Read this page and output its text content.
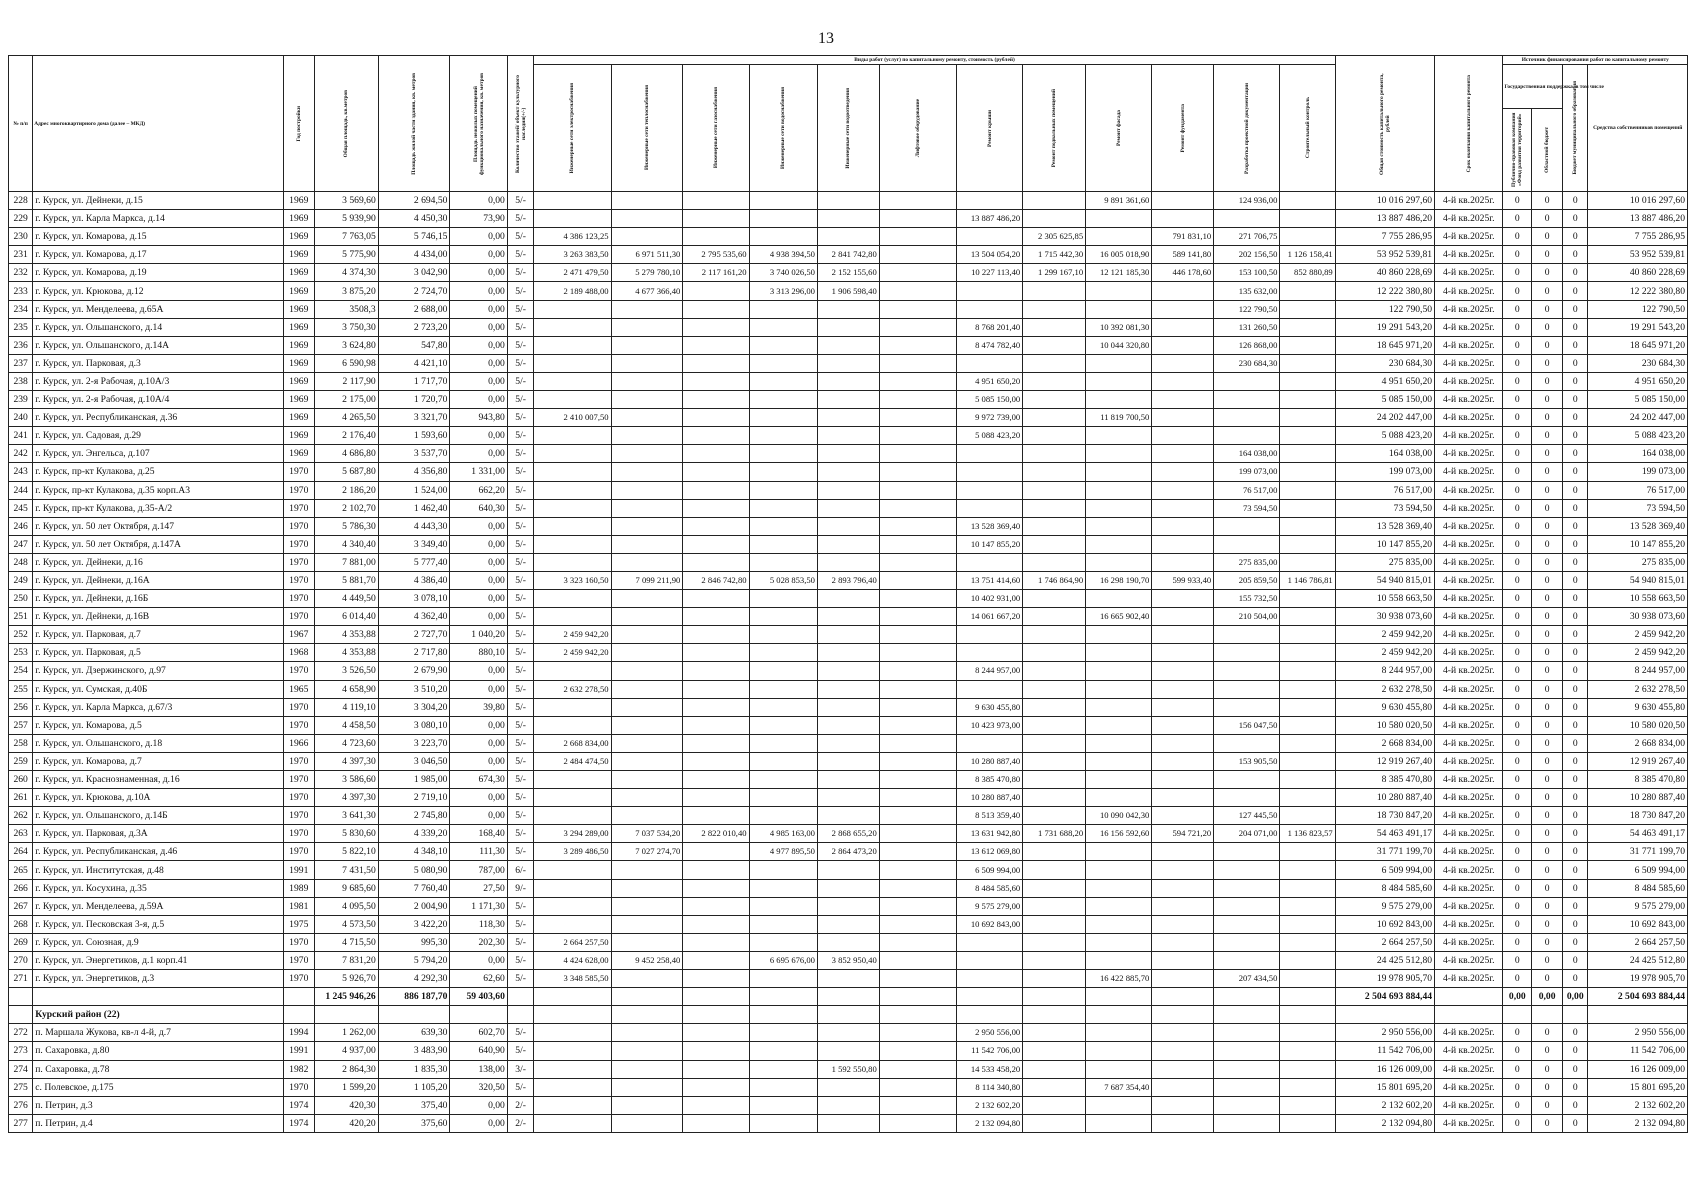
13
№ п/п	Адрес многоквартирного дома (далее – МКД)	Год постройки	Общая площадь, кв.метров	Площадь жилой части здания, кв. метров	Площадь нежилых помещений функционального назначения, кв. метров	Количество этажей/ объект культурного наследия(+/-)	Виды работ (услуг) по капитальному ремонту, стоимость (рублей)												Общая стоимость капитального ремонта, рублей	Срок окончания капитального ремонта	Источник финансирования работ по капитальному ремонту			

							Инженерные сети электроснабжения	Инженерные сети теплоснабжения	Инженерные сети газоснабжения	Инженерные сети водоснабжения	Инженерные сети водоотведения	Лифтовое оборудование	Ремонт крыши	Ремонт подвальных помещений	Ремонт фасада	Ремонт фундамента	Разработка проектной документации	Строительный контроль			Государственная поддержка, в том числе		Бюджет муниципального образования	Средства собственников помещений

																					Публично-правовая компания «Фонд развития территорий»	Областной бюджет		

228	г. Курск, ул. Дейнеки, д.15	1969	3 569,60	2 694,50	0,00	5/-									9 891 361,60		124 936,00		10 016 297,60	4-й кв.2025г.	0	0	0	10 016 297,60
229	г. Курск, ул. Карла Маркса, д.14	1969	5 939,90	4 450,30	73,90	5/-							13 887 486,20						13 887 486,20	4-й кв.2025г.	0	0	0	13 887 486,20
230	г. Курск, ул. Комарова, д.15	1969	7 763,05	5 746,15	0,00	5/-	4 386 123,25							2 305 625,85		791 831,10	271 706,75		7 755 286,95	4-й кв.2025г.	0	0	0	7 755 286,95
231	г. Курск, ул. Комарова, д.17	1969	5 775,90	4 434,00	0,00	5/-	3 263 383,50	6 971 511,30	2 795 535,60	4 938 394,50	2 841 742,80		13 504 054,20	1 715 442,30	16 005 018,90	589 141,80	202 156,50	1 126 158,41	53 952 539,81	4-й кв.2025г.	0	0	0	53 952 539,81
232	г. Курск, ул. Комарова, д.19	1969	4 374,30	3 042,90	0,00	5/-	2 471 479,50	5 279 780,10	2 117 161,20	3 740 026,50	2 152 155,60		10 227 113,40	1 299 167,10	12 121 185,30	446 178,60	153 100,50	852 880,89	40 860 228,69	4-й кв.2025г.	0	0	0	40 860 228,69
233	г. Курск, ул. Крюкова, д.12	1969	3 875,20	2 724,70	0,00	5/-	2 189 488,00	4 677 366,40		3 313 296,00	1 906 598,40						135 632,00		12 222 380,80	4-й кв.2025г.	0	0	0	12 222 380,80
234	г. Курск, ул. Менделеева, д.65А	1969	3508,3	2 688,00	0,00	5/-											122 790,50		122 790,50	4-й кв.2025г.	0	0	0	122 790,50
235	г. Курск, ул. Ольшанского, д.14	1969	3 750,30	2 723,20	0,00	5/-							8 768 201,40		10 392 081,30		131 260,50		19 291 543,20	4-й кв.2025г.	0	0	0	19 291 543,20
236	г. Курск, ул. Ольшанского, д.14А	1969	3 624,80	547,80	0,00	5/-							8 474 782,40		10 044 320,80		126 868,00		18 645 971,20	4-й кв.2025г.	0	0	0	18 645 971,20
237	г. Курск, ул. Парковая, д.3	1969	6 590,98	4 421,10	0,00	5/-											230 684,30		230 684,30	4-й кв.2025г.	0	0	0	230 684,30
238	г. Курск, ул. 2-я Рабочая, д.10А/3	1969	2 117,90	1 717,70	0,00	5/-							4 951 650,20						4 951 650,20	4-й кв.2025г.	0	0	0	4 951 650,20
239	г. Курск, ул. 2-я Рабочая, д.10А/4	1969	2 175,00	1 720,70	0,00	5/-							5 085 150,00						5 085 150,00	4-й кв.2025г.	0	0	0	5 085 150,00
240	г. Курск, ул. Республиканская, д.36	1969	4 265,50	3 321,70	943,80	5/-	2 410 007,50						9 972 739,00		11 819 700,50				24 202 447,00	4-й кв.2025г.	0	0	0	24 202 447,00
241	г. Курск, ул. Садовая, д.29	1969	2 176,40	1 593,60	0,00	5/-							5 088 423,20						5 088 423,20	4-й кв.2025г.	0	0	0	5 088 423,20
242	г. Курск, ул. Энгельса, д.107	1969	4 686,80	3 537,70	0,00	5/-											164 038,00		164 038,00	4-й кв.2025г.	0	0	0	164 038,00
243	г. Курск, пр-кт Кулакова, д.25	1970	5 687,80	4 356,80	1 331,00	5/-											199 073,00		199 073,00	4-й кв.2025г.	0	0	0	199 073,00
244	г. Курск, пр-кт Кулакова, д.35 корп.А3	1970	2 186,20	1 524,00	662,20	5/-											76 517,00		76 517,00	4-й кв.2025г.	0	0	0	76 517,00
245	г. Курск, пр-кт Кулакова, д.35-А/2	1970	2 102,70	1 462,40	640,30	5/-											73 594,50		73 594,50	4-й кв.2025г.	0	0	0	73 594,50
246	г. Курск, ул. 50 лет Октября, д.147	1970	5 786,30	4 443,30	0,00	5/-							13 528 369,40						13 528 369,40	4-й кв.2025г.	0	0	0	13 528 369,40
247	г. Курск, ул. 50 лет Октября, д.147А	1970	4 340,40	3 349,40	0,00	5/-							10 147 855,20						10 147 855,20	4-й кв.2025г.	0	0	0	10 147 855,20
248	г. Курск, ул. Дейнеки, д.16	1970	7 881,00	5 777,40	0,00	5/-											275 835,00		275 835,00	4-й кв.2025г.	0	0	0	275 835,00
249	г. Курск, ул. Дейнеки, д.16А	1970	5 881,70	4 386,40	0,00	5/-	3 323 160,50	7 099 211,90	2 846 742,80	5 028 853,50	2 893 796,40		13 751 414,60	1 746 864,90	16 298 190,70	599 933,40	205 859,50	1 146 786,81	54 940 815,01	4-й кв.2025г.	0	0	0	54 940 815,01
250	г. Курск, ул. Дейнеки, д.16Б	1970	4 449,50	3 078,10	0,00	5/-							10 402 931,00				155 732,50		10 558 663,50	4-й кв.2025г.	0	0	0	10 558 663,50
251	г. Курск, ул. Дейнеки, д.16В	1970	6 014,40	4 362,40	0,00	5/-							14 061 667,20		16 665 902,40		210 504,00		30 938 073,60	4-й кв.2025г.	0	0	0	30 938 073,60
252	г. Курск, ул. Парковая, д.7	1967	4 353,88	2 727,70	1 040,20	5/-	2 459 942,20												2 459 942,20	4-й кв.2025г.	0	0	0	2 459 942,20
253	г. Курск, ул. Парковая, д.5	1968	4 353,88	2 717,80	880,10	5/-	2 459 942,20												2 459 942,20	4-й кв.2025г.	0	0	0	2 459 942,20
254	г. Курск, ул. Дзержинского, д.97	1970	3 526,50	2 679,90	0,00	5/-							8 244 957,00						8 244 957,00	4-й кв.2025г.	0	0	0	8 244 957,00
255	г. Курск, ул. Сумская, д.40Б	1965	4 658,90	3 510,20	0,00	5/-	2 632 278,50												2 632 278,50	4-й кв.2025г.	0	0	0	2 632 278,50
256	г. Курск, ул. Карла Маркса, д.67/3	1970	4 119,10	3 304,20	39,80	5/-							9 630 455,80						9 630 455,80	4-й кв.2025г.	0	0	0	9 630 455,80
257	г. Курск, ул. Комарова, д.5	1970	4 458,50	3 080,10	0,00	5/-							10 423 973,00				156 047,50		10 580 020,50	4-й кв.2025г.	0	0	0	10 580 020,50
258	г. Курск, ул. Ольшанского, д.18	1966	4 723,60	3 223,70	0,00	5/-	2 668 834,00												2 668 834,00	4-й кв.2025г.	0	0	0	2 668 834,00
259	г. Курск, ул. Комарова, д.7	1970	4 397,30	3 046,50	0,00	5/-	2 484 474,50						10 280 887,40				153 905,50		12 919 267,40	4-й кв.2025г.	0	0	0	12 919 267,40
260	г. Курск, ул. Краснознаменная, д.16	1970	3 586,60	1 985,00	674,30	5/-							8 385 470,80						8 385 470,80	4-й кв.2025г.	0	0	0	8 385 470,80
261	г. Курск, ул. Крюкова, д.10А	1970	4 397,30	2 719,10	0,00	5/-							10 280 887,40						10 280 887,40	4-й кв.2025г.	0	0	0	10 280 887,40
262	г. Курск, ул. Ольшанского, д.14Б	1970	3 641,30	2 745,80	0,00	5/-							8 513 359,40		10 090 042,30		127 445,50		18 730 847,20	4-й кв.2025г.	0	0	0	18 730 847,20
263	г. Курск, ул. Парковая, д.3А	1970	5 830,60	4 339,20	168,40	5/-	3 294 289,00	7 037 534,20	2 822 010,40	4 985 163,00	2 868 655,20		13 631 942,80	1 731 688,20	16 156 592,60	594 721,20	204 071,00	1 136 823,57	54 463 491,17	4-й кв.2025г.	0	0	0	54 463 491,17
264	г. Курск, ул. Республиканская, д.46	1970	5 822,10	4 348,10	111,30	5/-	3 289 486,50	7 027 274,70		4 977 895,50	2 864 473,20		13 612 069,80						31 771 199,70	4-й кв.2025г.	0	0	0	31 771 199,70
265	г. Курск, ул. Институтская, д.48	1991	7 431,50	5 080,90	787,00	6/-							6 509 994,00						6 509 994,00	4-й кв.2025г.	0	0	0	6 509 994,00
266	г. Курск, ул. Косухина, д.35	1989	9 685,60	7 760,40	27,50	9/-							8 484 585,60						8 484 585,60	4-й кв.2025г.	0	0	0	8 484 585,60
267	г. Курск, ул. Менделеева, д.59А	1981	4 095,50	2 004,90	1 171,30	5/-							9 575 279,00						9 575 279,00	4-й кв.2025г.	0	0	0	9 575 279,00
268	г. Курск, ул. Песковская 3-я, д.5	1975	4 573,50	3 422,20	118,30	5/-							10 692 843,00						10 692 843,00	4-й кв.2025г.	0	0	0	10 692 843,00
269	г. Курск, ул. Союзная, д.9	1970	4 715,50	995,30	202,30	5/-	2 664 257,50												2 664 257,50	4-й кв.2025г.	0	0	0	2 664 257,50
270	г. Курск, ул. Энергетиков, д.1 корп.41	1970	7 831,20	5 794,20	0,00	5/-	4 424 628,00	9 452 258,40		6 695 676,00	3 852 950,40								24 425 512,80	4-й кв.2025г.	0	0	0	24 425 512,80
271	г. Курск, ул. Энергетиков, д.3	1970	5 926,70	4 292,30	62,60	5/-	3 348 585,50								16 422 885,70		207 434,50		19 978 905,70	4-й кв.2025г.	0	0	0	19 978 905,70
			1 245 946,26	886 187,70	59 403,60														2 504 693 884,44		0,00	0,00	0,00	2 504 693 884,44
	Курский район (22)																							
272	п. Маршала Жукова, кв-л 4-й, д.7	1994	1 262,00	639,30	602,70	5/-							2 950 556,00						2 950 556,00	4-й кв.2025г.	0	0	0	2 950 556,00
273	п. Сахаровка, д.80	1991	4 937,00	3 483,90	640,90	5/-							11 542 706,00						11 542 706,00	4-й кв.2025г.	0	0	0	11 542 706,00
274	п. Сахаровка, д.78	1982	2 864,30	1 835,30	138,00	3/-					1 592 550,80		14 533 458,20						16 126 009,00	4-й кв.2025г.	0	0	0	16 126 009,00
275	с. Полевское, д.175	1970	1 599,20	1 105,20	320,50	5/-							8 114 340,80		7 687 354,40				15 801 695,20	4-й кв.2025г.	0	0	0	15 801 695,20
276	п. Петрин, д.3	1974	420,30	375,40	0,00	2/-							2 132 602,20						2 132 602,20	4-й кв.2025г.	0	0	0	2 132 602,20
277	п. Петрин, д.4	1974	420,20	375,60	0,00	2/-							2 132 094,80						2 132 094,80	4-й кв.2025г.	0	0	0	2 132 094,80
